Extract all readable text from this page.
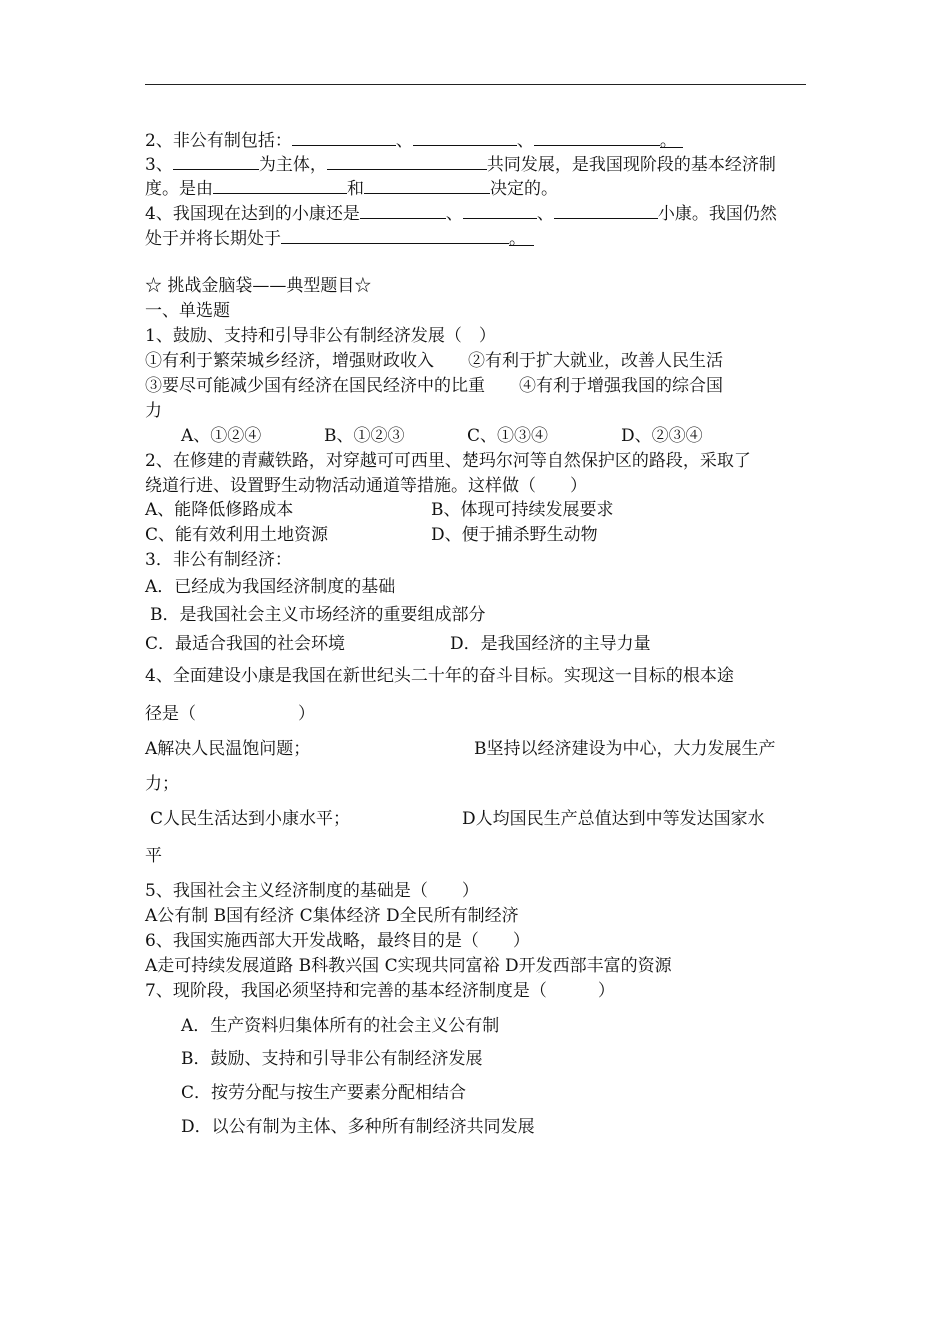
2、非公有制包括：	、	、	。
3、	为主体，	共同发展，是我国现阶段的基本经济制
度。是由	和	决定的。
4、我国现在达到的小康还是	、	、	小康。我国仍然
处于并将长期处于	。
☆ 挑战金脑袋——典型题目☆
一、单选题
1、鼓励、支持和引导非公有制经济发展（　）
①有利于繁荣城乡经济，增强财政收入　　②有利于扩大就业，改善人民生活
③要尽可能减少国有经济在国民经济中的比重　　④有利于增强我国的综合国
力
A、①②④	B、①②③	C、①③④	D、②③④
2、在修建的青藏铁路，对穿越可可西里、楚玛尔河等自然保护区的路段，采取了
绕道行进、设置野生动物活动通道等措施。这样做（　　）
A、能降低修路成本	B、体现可持续发展要求
C、能有效利用土地资源	D、便于捕杀野生动物
3．非公有制经济：
A．已经成为我国经济制度的基础
B．是我国社会主义市场经济的重要组成部分
C．最适合我国的社会环境	D．是我国经济的主导力量
4、全面建设小康是我国在新世纪头二十年的奋斗目标。实现这一目标的根本途
径是（　　　　　　）
A解决人民温饱问题；	B坚持以经济建设为中心，大力发展生产
力；
C人民生活达到小康水平；	D人均国民生产总值达到中等发达国家水
平
5、我国社会主义经济制度的基础是（　　）
A公有制 B国有经济 C集体经济 D全民所有制经济
6、我国实施西部大开发战略，最终目的是（　　）
A走可持续发展道路 B科教兴国 C实现共同富裕 D开发西部丰富的资源
7、现阶段，我国必须坚持和完善的基本经济制度是（　　　）
A．生产资料归集体所有的社会主义公有制
B．鼓励、支持和引导非公有制经济发展
C．按劳分配与按生产要素分配相结合
D．以公有制为主体、多种所有制经济共同发展
